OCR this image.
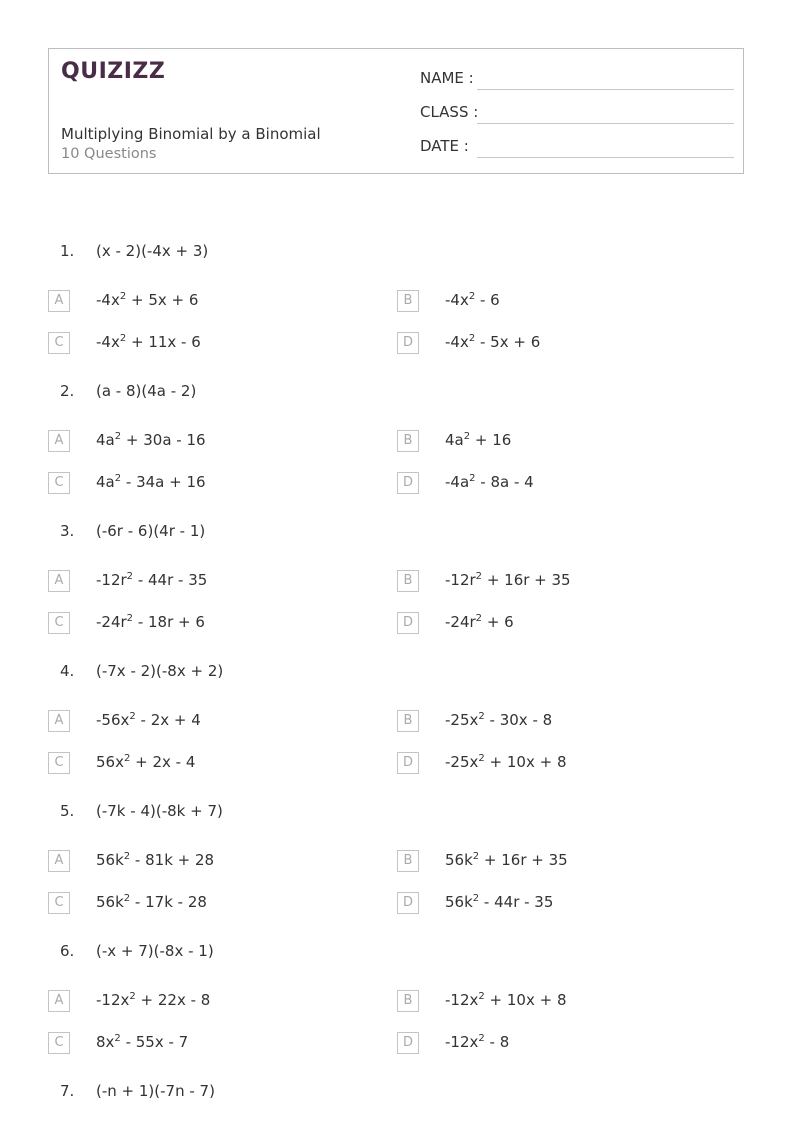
QUIZIZZ
Multiplying Binomial by a Binomial
10 Questions
NAME :
CLASS :
DATE :
1. (x - 2)(-4x + 3)
A	$-4x^2 + 5x + 6$	B	$-4x^2 - 6$
C	$-4x^2 + 11x - 6$	D	$-4x^2 - 5x + 6$
2. (a - 8)(4a - 2)
A	$4a^2 + 30a - 16$	B	$4a^2 + 16$
C	$4a^2 - 34a + 16$	D	$-4a^2 - 8a - 4$
3. (-6r - 6)(4r - 1)
A	$-12r^2 - 44r - 35$	B	$-12r^2 + 16r + 35$
C	$-24r^2 - 18r + 6$	D	$-24r^2 + 6$
4. (-7x - 2)(-8x + 2)
A	$-56x^2 - 2x + 4$	B	$-25x^2 - 30x - 8$
C	$56x^2 + 2x - 4$	D	$-25x^2 + 10x + 8$
5. (-7k - 4)(-8k + 7)
A	$56k^2 - 81k + 28$	B	$56k^2 + 16r + 35$
C	$56k^2 - 17k - 28$	D	$56k^2 - 44r - 35$
6. (-x + 7)(-8x - 1)
A	$-12x^2 + 22x - 8$	B	$-12x^2 + 10x + 8$
C	$8x^2 - 55x - 7$	D	$-12x^2 - 8$
7. (-n + 1)(-7n - 7)
